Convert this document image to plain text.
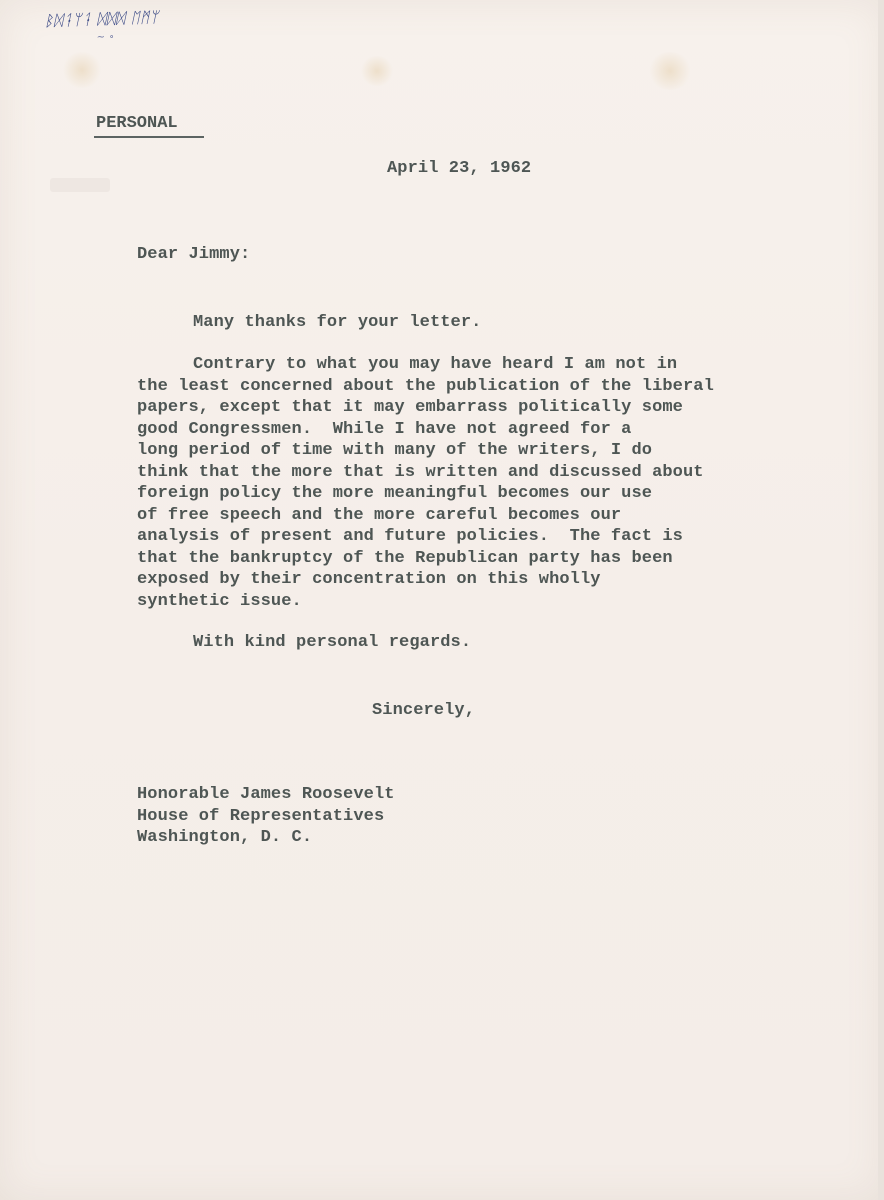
ᛒᛞᛑᛘᛑ ᛞᛞᛞ ᛖᛗᛘ
~ ∘
PERSONAL
April 23, 1962
Dear Jimmy:
Many thanks for your letter.
Contrary to what you may have heard I am not in
the least concerned about the publication of the liberal
papers, except that it may embarrass politically some
good Congressmen.  While I have not agreed for a
long period of time with many of the writers, I do
think that the more that is written and discussed about
foreign policy the more meaningful becomes our use
of free speech and the more careful becomes our
analysis of present and future policies.  The fact is
that the bankruptcy of the Republican party has been
exposed by their concentration on this wholly
synthetic issue.
With kind personal regards.
Sincerely,
Honorable James Roosevelt
House of Representatives
Washington, D. C.
